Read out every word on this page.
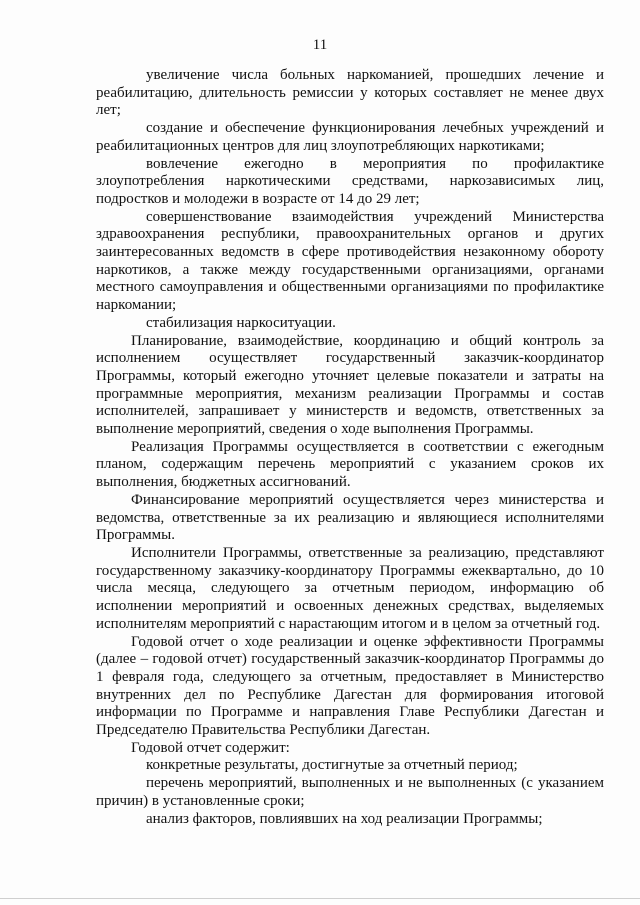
11

увеличение числа больных наркоманией, прошедших лечение и реабилитацию, длительность ремиссии у которых составляет не менее двух лет;

создание и обеспечение функционирования лечебных учреждений и реабилитационных центров для лиц злоупотребляющих наркотиками;

вовлечение ежегодно в мероприятия по профилактике злоупотребления наркотическими средствами, наркозависимых лиц, подростков и молодежи в возрасте от 14 до 29 лет;

совершенствование взаимодействия учреждений Министерства здравоохранения республики, правоохранительных органов и других заинтересованных ведомств в сфере противодействия незаконному обороту наркотиков, а также между государственными организациями, органами местного самоуправления и общественными организациями по профилактике наркомании;

стабилизация наркоситуации.

Планирование, взаимодействие, координацию и общий контроль за исполнением осуществляет государственный заказчик-координатор Программы, который ежегодно уточняет целевые показатели и затраты на программные мероприятия, механизм реализации Программы и состав исполнителей, запрашивает у министерств и ведомств, ответственных за выполнение мероприятий, сведения о ходе выполнения Программы.

Реализация Программы осуществляется в соответствии с ежегодным планом, содержащим перечень мероприятий с указанием сроков их выполнения, бюджетных ассигнований.

Финансирование мероприятий осуществляется через министерства и ведомства, ответственные за их реализацию и являющиеся исполнителями Программы.

Исполнители Программы, ответственные за реализацию, представляют государственному заказчику-координатору Программы ежеквартально, до 10 числа месяца, следующего за отчетным периодом, информацию об исполнении мероприятий и освоенных денежных средствах, выделяемых исполнителям мероприятий с нарастающим итогом и в целом за отчетный год.

Годовой отчет о ходе реализации и оценке эффективности Программы (далее – годовой отчет) государственный заказчик-координатор Программы до 1 февраля года, следующего за отчетным, предоставляет в Министерство внутренних дел по Республике Дагестан для формирования итоговой информации по Программе и направления Главе Республики Дагестан и Председателю Правительства Республики Дагестан.

Годовой отчет содержит:

конкретные результаты, достигнутые за отчетный период;

перечень мероприятий, выполненных и не выполненных (с указанием причин) в установленные сроки;

анализ факторов, повлиявших на ход реализации Программы;
